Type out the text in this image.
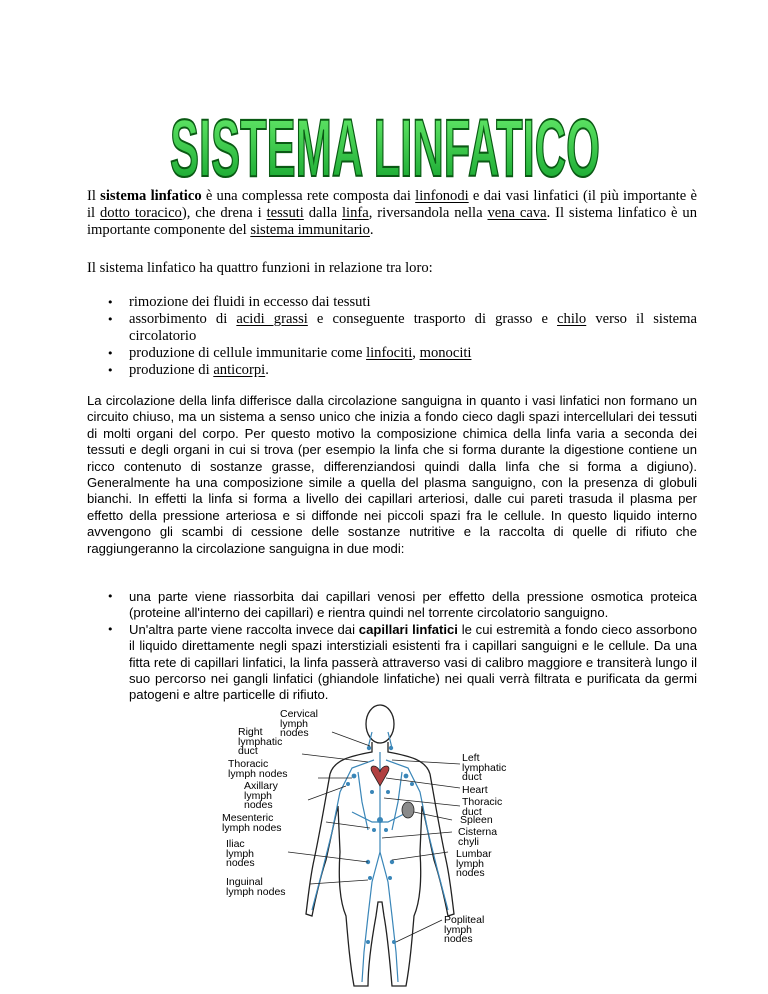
SISTEMA LINFATICO

Il sistema linfatico è una complessa rete composta dai linfonodi e dai vasi linfatici (il più importante è il dotto toracico), che drena i tessuti dalla linfa, riversandola nella vena cava. Il sistema linfatico è un importante componente del sistema immunitario.

Il sistema linfatico ha quattro funzioni in relazione tra loro:

• rimozione dei fluidi in eccesso dai tessuti
• assorbimento di acidi grassi e conseguente trasporto di grasso e chilo verso il sistema circolatorio
• produzione di cellule immunitarie come linfociti, monociti
• produzione di anticorpi.

La circolazione della linfa differisce dalla circolazione sanguigna in quanto i vasi linfatici non formano un circuito chiuso, ma un sistema a senso unico che inizia a fondo cieco dagli spazi intercellulari dei tessuti di molti organi del corpo. Per questo motivo la composizione chimica della linfa varia a seconda dei tessuti e degli organi in cui si trova (per esempio la linfa che si forma durante la digestione contiene un ricco contenuto di sostanze grasse, differenziandosi quindi dalla linfa che si forma a digiuno). Generalmente ha una composizione simile a quella del plasma sanguigno, con la presenza di globuli bianchi. In effetti la linfa si forma a livello dei capillari arteriosi, dalle cui pareti trasuda il plasma per effetto della pressione arteriosa e si diffonde nei piccoli spazi fra le cellule. In questo liquido interno avvengono gli scambi di cessione delle sostanze nutritive e la raccolta di quelle di rifiuto che raggiungeranno la circolazione sanguigna in due modi:

• una parte viene riassorbita dai capillari venosi per effetto della pressione osmotica proteica (proteine all'interno dei capillari) e rientra quindi nel torrente circolatorio sanguigno.
• Un'altra parte viene raccolta invece dai capillari linfatici le cui estremità a fondo cieco assorbono il liquido direttamente negli spazi interstiziali esistenti fra i capillari sanguigni e le cellule. Da una fitta rete di capillari linfatici, la linfa passerà attraverso vasi di calibro maggiore e transiterà lungo il suo percorso nei gangli linfatici (ghiandole linfatiche) nei quali verrà filtrata e purificata da germi patogeni e altre particelle di rifiuto.
Cervical
lymph
nodes
Right
lymphatic
duct
Thoracic
lymph nodes
Axillary
lymph
nodes
Mesenteric
lymph nodes
Iliac
lymph
nodes
Inguinal
lymph nodes
Left
lymphatic
duct
Heart
Thoracic
duct
Spleen
Cisterna
chyli
Lumbar
lymph
nodes
Popliteal
lymph
nodes
